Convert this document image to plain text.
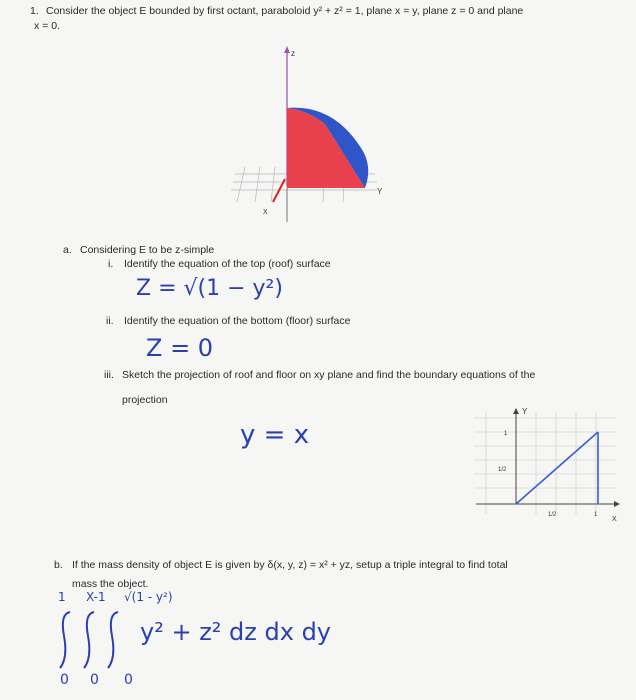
1. Consider the object E bounded by first octant, paraboloid y² + z² = 1, plane x = y, plane z = 0 and plane
x = 0.
z
Y
X
a. Considering E to be z-simple
i. Identify the equation of the top (roof) surface
Z = √(1 − y²)
ii. Identify the equation of the bottom (floor) surface
Z = 0
iii. Sketch the projection of roof and floor on xy plane and find the boundary equations of the
projection
y = x
Y
X
1
1/2
1/2	1
b. If the mass density of object E is given by δ(x, y, z) = x² + yz, setup a triple integral to find total
mass the object.
1 X-1 √(1 - y²)
y² + z² dz dx dy
0 0 0
